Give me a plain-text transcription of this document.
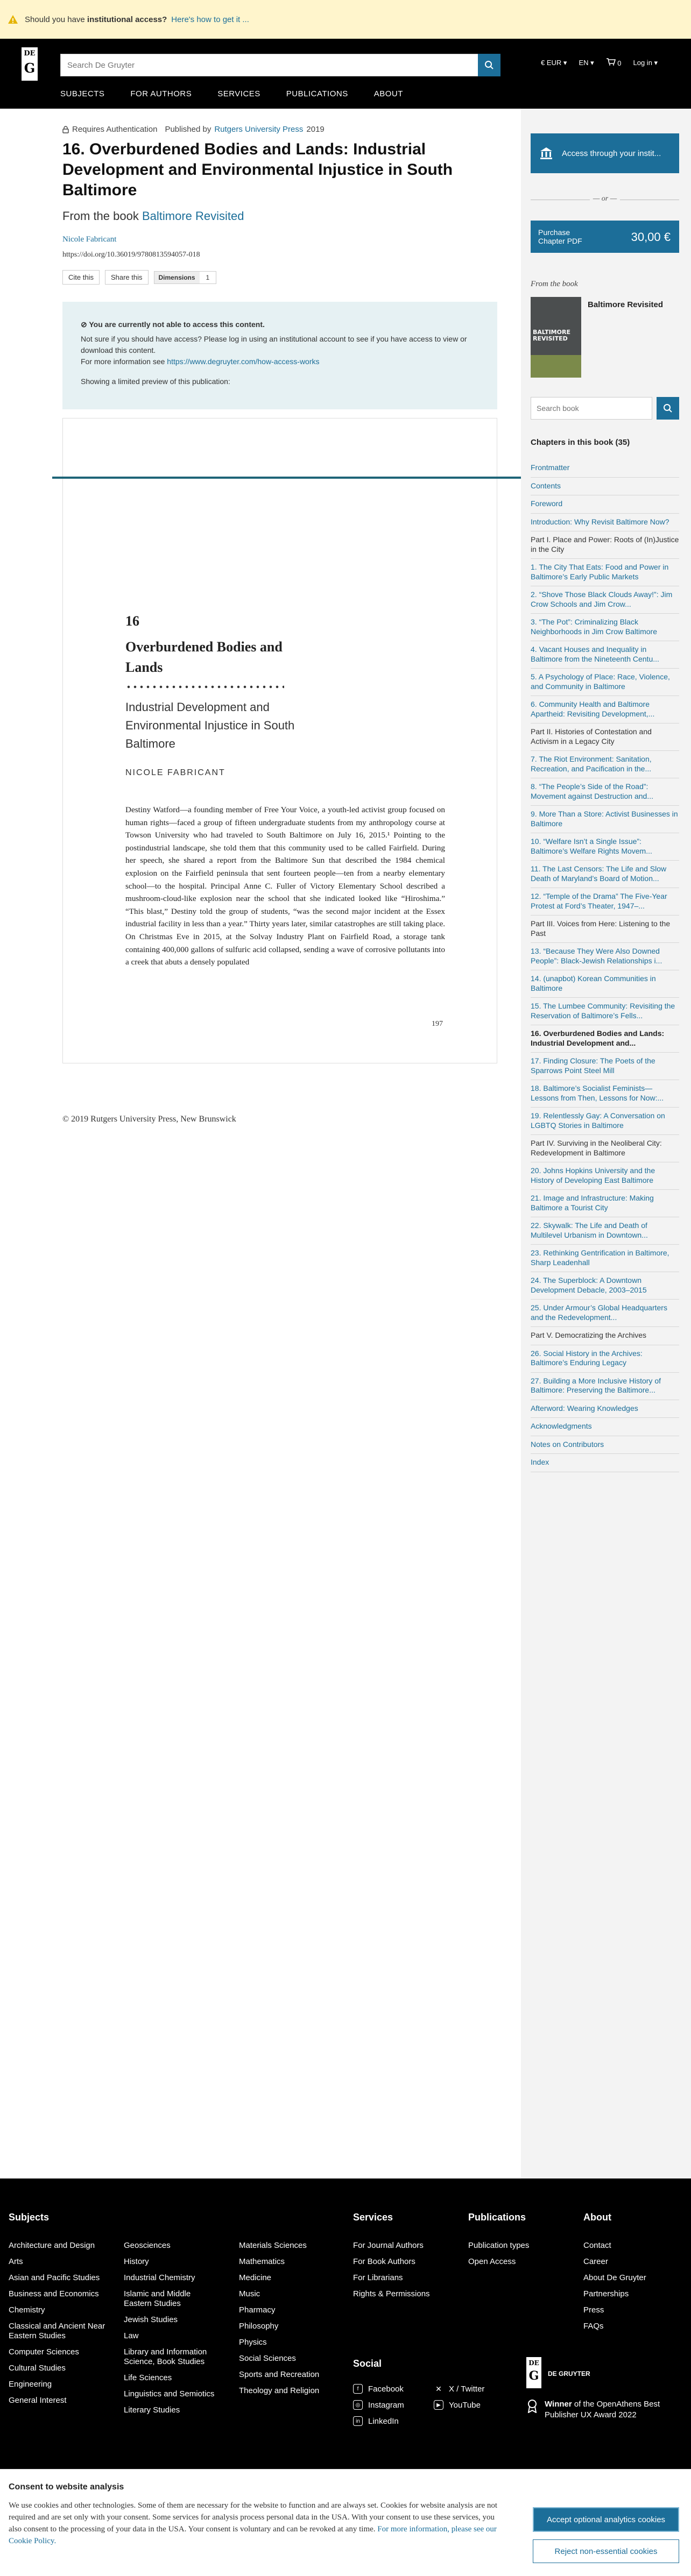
Should you have institutional access? Here's how to get it ...
DE
G
Search De Gruyter	€ EUR ▾ EN ▾	0 Log in ▾
SUBJECTS	FOR AUTHORS	SERVICES	PUBLICATIONS	ABOUT
Requires Authentication Published by Rutgers University Press 2019
16. Overburdened Bodies and Lands: Industrial Development and Environmental Injustice in South Baltimore
From the book Baltimore Revisited
Nicole Fabricant
https://doi.org/10.36019/9780813594057-018
Cite this	Share this	Dimensions	1
⊘ You are currently not able to access this content.
Not sure if you should have access? Please log in using an institutional account to see if you have access to view or download this content.
For more information see https://www.degruyter.com/how-access-works
Showing a limited preview of this publication:
16
Overburdened Bodies and Lands
Industrial Development and Environmental Injustice in South Baltimore
NICOLE FABRICANT
Destiny Watford—a founding member of Free Your Voice, a youth-led activist group focused on human rights—faced a group of fifteen undergraduate students from my anthropology course at Towson University who had traveled to South Baltimore on July 16, 2015.¹ Pointing to the postindustrial landscape, she told them that this community used to be called Fairfield. During her speech, she shared a report from the Baltimore Sun that described the 1984 chemical explosion on the Fairfield peninsula that sent fourteen people—ten from a nearby elementary school—to the hospital. Principal Anne C. Fuller of Victory Elementary School described a mushroom-cloud-like explosion near the school that she indicated looked like “Hiroshima.” “This blast,” Destiny told the group of students, “was the second major incident at the Essex industrial facility in less than a year.” Thirty years later, similar catastrophes are still taking place. On Christmas Eve in 2015, at the Solvay Industry Plant on Fairfield Road, a storage tank containing 400,000 gallons of sulfuric acid collapsed, sending a wave of corrosive pollutants into a creek that abuts a densely populated
197
© 2019 Rutgers University Press, New Brunswick
Access through your instit...
— or —
Purchase
Chapter PDF	30,00 €
From the book
BALTIMORE REVISITED
Baltimore Revisited
Search book
Chapters in this book (35)
Frontmatter
Contents
Foreword
Introduction: Why Revisit Baltimore Now?
Part I. Place and Power: Roots of (In)Justice in the City
1. The City That Eats: Food and Power in Baltimore’s Early Public Markets
2. “Shove Those Black Clouds Away!”: Jim Crow Schools and Jim Crow...
3. “The Pot”: Criminalizing Black Neighborhoods in Jim Crow Baltimore
4. Vacant Houses and Inequality in Baltimore from the Nineteenth Centu...
5. A Psychology of Place: Race, Violence, and Community in Baltimore
6. Community Health and Baltimore Apartheid: Revisiting Development,...
Part II. Histories of Contestation and Activism in a Legacy City
7. The Riot Environment: Sanitation, Recreation, and Pacification in the...
8. “The People’s Side of the Road”: Movement against Destruction and...
9. More Than a Store: Activist Businesses in Baltimore
10. “Welfare Isn’t a Single Issue”: Baltimore’s Welfare Rights Movem...
11. The Last Censors: The Life and Slow Death of Maryland’s Board of Motion...
12. “Temple of the Drama” The Five-Year Protest at Ford’s Theater, 1947–...
Part III. Voices from Here: Listening to the Past
13. “Because They Were Also Downed People”: Black-Jewish Relationships i...
14. (unapbot) Korean Communities in Baltimore
15. The Lumbee Community: Revisiting the Reservation of Baltimore’s Fells...
16. Overburdened Bodies and Lands: Industrial Development and...
17. Finding Closure: The Poets of the Sparrows Point Steel Mill
18. Baltimore’s Socialist Feminists—Lessons from Then, Lessons for Now:...
19. Relentlessly Gay: A Conversation on LGBTQ Stories in Baltimore
Part IV. Surviving in the Neoliberal City: Redevelopment in Baltimore
20. Johns Hopkins University and the History of Developing East Baltimore
21. Image and Infrastructure: Making Baltimore a Tourist City
22. Skywalk: The Life and Death of Multilevel Urbanism in Downtown...
23. Rethinking Gentrification in Baltimore, Sharp Leadenhall
24. The Superblock: A Downtown Development Debacle, 2003–2015
25. Under Armour’s Global Headquarters and the Redevelopment...
Part V. Democratizing the Archives
26. Social History in the Archives: Baltimore’s Enduring Legacy
27. Building a More Inclusive History of Baltimore: Preserving the Baltimore...
Afterword: Wearing Knowledges
Acknowledgments
Notes on Contributors
Index
Subjects
Architecture and Design
Arts
Asian and Pacific Studies
Business and Economics
Chemistry
Classical and Ancient Near Eastern Studies
Computer Sciences
Cultural Studies
Engineering
General Interest
Geosciences
History
Industrial Chemistry
Islamic and Middle Eastern Studies
Jewish Studies
Law
Library and Information Science, Book Studies
Life Sciences
Linguistics and Semiotics
Literary Studies
Materials Sciences
Mathematics
Medicine
Music
Pharmacy
Philosophy
Physics
Social Sciences
Sports and Recreation
Theology and Religion
Services
For Journal Authors
For Book Authors
For Librarians
Rights & Permissions
Publications
Publication types
Open Access
About
Contact
Career
About De Gruyter
Partnerships
Press
FAQs
Social
f	Facebook	✕ X / Twitter
◎ Instagram	▶	YouTube
in	LinkedIn
DE
G	DE GRUYTER
Winner of the OpenAthens Best Publisher UX Award 2022
Consent to website analysis
We use cookies and other technologies. Some of them are necessary for the website to function and are always set. Cookies for website analysis are not required and are set only with your consent. Some services for analysis process personal data in the USA. With your consent to use these services, you also consent to the processing of your data in the USA. Your consent is voluntary and can be revoked at any time. For more information, please see our Cookie Policy.
Accept optional analytics cookies
Reject non-essential cookies
